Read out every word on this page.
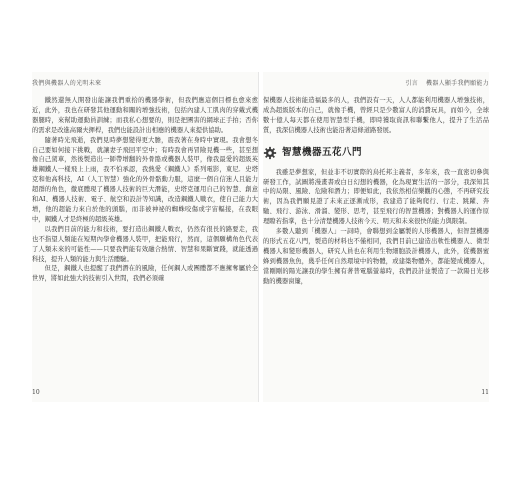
我們與機器人的光明未來

鐵然還無人開發出能讓我們重拾的機器學術，但我們應這個目標也愈來愈近，此外，我也在研發其他運動和關的增強技術，包括內建人工肌肉的穿戴式機器腿時，來幫助運動員訓練；而我私心想要的，則是把團害的網球正手拍；否你的需求是改進高爾夫揮桿，我們也能設計出相應的機器人來提供協助。

隨著時光飛逝，我們見時夢想變得更大膽，震我著在身時中實現。我會想冬自己要如何接下挑戰，就讓妻子飛回平空中；有時我會再冒險見機一些，甚至想像自己駕車，然後製造出一師帶增翻的外骨骼或機器人裝甲，像我最愛的超級英雄鋼鐵人一樣飛上上雨，我不怕承認，我熱愛《鋼鐵人》系列電影，東尼．史塔克和他高科技，AI（人工智慧）強化的外骨骼動力服，這麼一個自信迷人且能力超群的角色，徹底體現了機器人技術的巨大潛能，史塔克運用自己的智慧、創意和AI、機器人技術、電子、航空和設計等知識，改造鋼鐵人戰衣，使自己能力大增，他的超能力來自於他的頭腦，而非被神祕的蜘蛛咬傷或宇宙輻接，在我眼中，鋼鐵人才是終極的超級英雄。

以我們目前的能力和技術，要打造出鋼鐵人戰衣，仍然有很長的路要走，我也不指望人類能在短期內學會機器人裝甲，把能飛行，然而，這個願構角色代表了人類未來的可能性——只要我們能有效融合熱情、智慧和果斷實踐，就能透過科技，提升人類的能力與生活體驗。

但是，鋼鐵人也提醒了我們潛在的風險，任何鋼人或團體都不應擁奪屬於全世界，將如此強大的技術引入世間，我們必須確

10
引言 機器人顯手我們願能力

保機器人技術能造福最多的人，我們設有一天，人人都能利用機器人增強技術，成為超級版本的自己，就像手機，曾經只是少數富人的消費玩具，而如今，全球數十億人每天都在使用智慧型手機，即時獲取資訊和聯繫他人，提升了生活品質，我深信機器人技術也能沿著這條道路發展。

智慧機器五花八門

我雖是夢想家，但並非不切實際的烏托邦主義者，多年來，我一直密切參與研發工作，試圖將漫畫書或白日幻想的機器，化為現實生活的一部分，我深知其中的局限、風險、危險和潛力；即便如此，我依然相信樂觀的心態，不再研究技術，因為我們願見證了未來正逐漸成形，我建造了能夠爬行、行走、跳躍、奔馳、飛行、游泳、滑溜、變形、思考，甚至飛行的智慧機器；對機器人的運作原理瞭若指掌，也十分清楚機器人技術今天、明天和未來很快的能力與限制。

多數人聽到「機器人」一詞時，會聯想到金屬製的人形機器人，但智慧機器的形式五花八門，製造的材料也不僅相同，我們目前已建造出軟性機器人、微型機器人和變形機器人，研究人員也在利用生物細胞設計機器人，此外，從機器蜜蜂到機器魚魚，幾乎任何自然環境中的物體，或建築物體外，都能變成機器人，當剛剛的陽光讓我的學生擁有著普電腦螢幕時，我們設計並製造了一款陽日光移動的機器窗簾，

11
